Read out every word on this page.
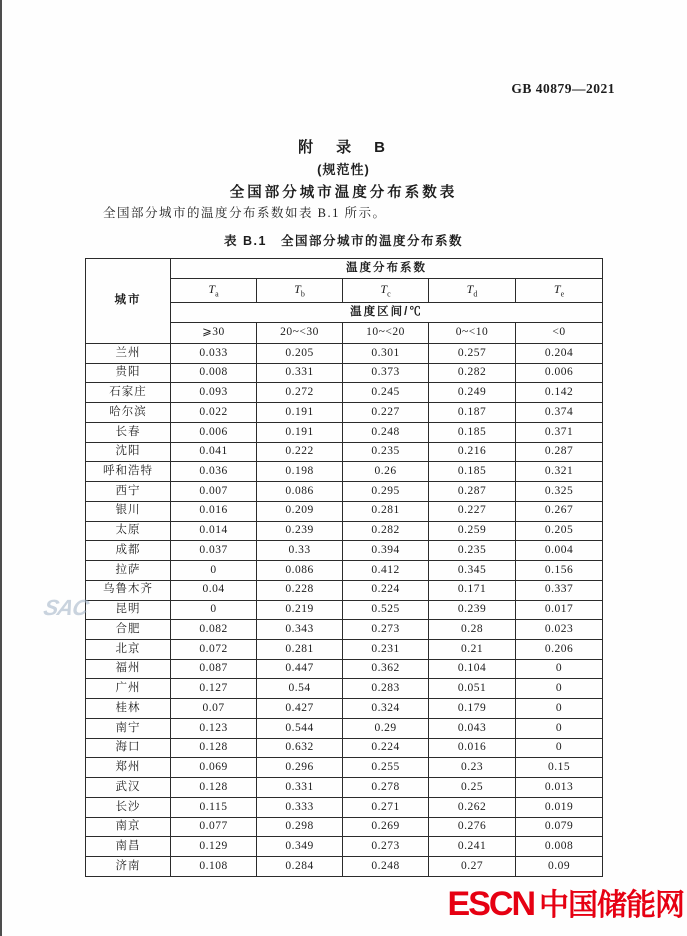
GB 40879—2021
附　录　B
(规范性)
全国部分城市温度分布系数表
全国部分城市的温度分布系数如表 B.1 所示。
表 B.1　全国部分城市的温度分布系数
城市	温度分布系数				
	$T_a$	$T_b$	$T_c$	$T_d$	$T_e$
	温度区间/℃				
	⩾30	20~<30	10~<20	0~<10	<0
兰州	0.033	0.205	0.301	0.257	0.204
贵阳	0.008	0.331	0.373	0.282	0.006
石家庄	0.093	0.272	0.245	0.249	0.142
哈尔滨	0.022	0.191	0.227	0.187	0.374
长春	0.006	0.191	0.248	0.185	0.371
沈阳	0.041	0.222	0.235	0.216	0.287
呼和浩特	0.036	0.198	0.26	0.185	0.321
西宁	0.007	0.086	0.295	0.287	0.325
银川	0.016	0.209	0.281	0.227	0.267
太原	0.014	0.239	0.282	0.259	0.205
成都	0.037	0.33	0.394	0.235	0.004
拉萨	0	0.086	0.412	0.345	0.156
乌鲁木齐	0.04	0.228	0.224	0.171	0.337
昆明	0	0.219	0.525	0.239	0.017
合肥	0.082	0.343	0.273	0.28	0.023
北京	0.072	0.281	0.231	0.21	0.206
福州	0.087	0.447	0.362	0.104	0
广州	0.127	0.54	0.283	0.051	0
桂林	0.07	0.427	0.324	0.179	0
南宁	0.123	0.544	0.29	0.043	0
海口	0.128	0.632	0.224	0.016	0
郑州	0.069	0.296	0.255	0.23	0.15
武汉	0.128	0.331	0.278	0.25	0.013
长沙	0.115	0.333	0.271	0.262	0.019
南京	0.077	0.298	0.269	0.276	0.079
南昌	0.129	0.349	0.273	0.241	0.008
济南	0.108	0.284	0.248	0.27	0.09
SAC
ESCN 中国储能网
